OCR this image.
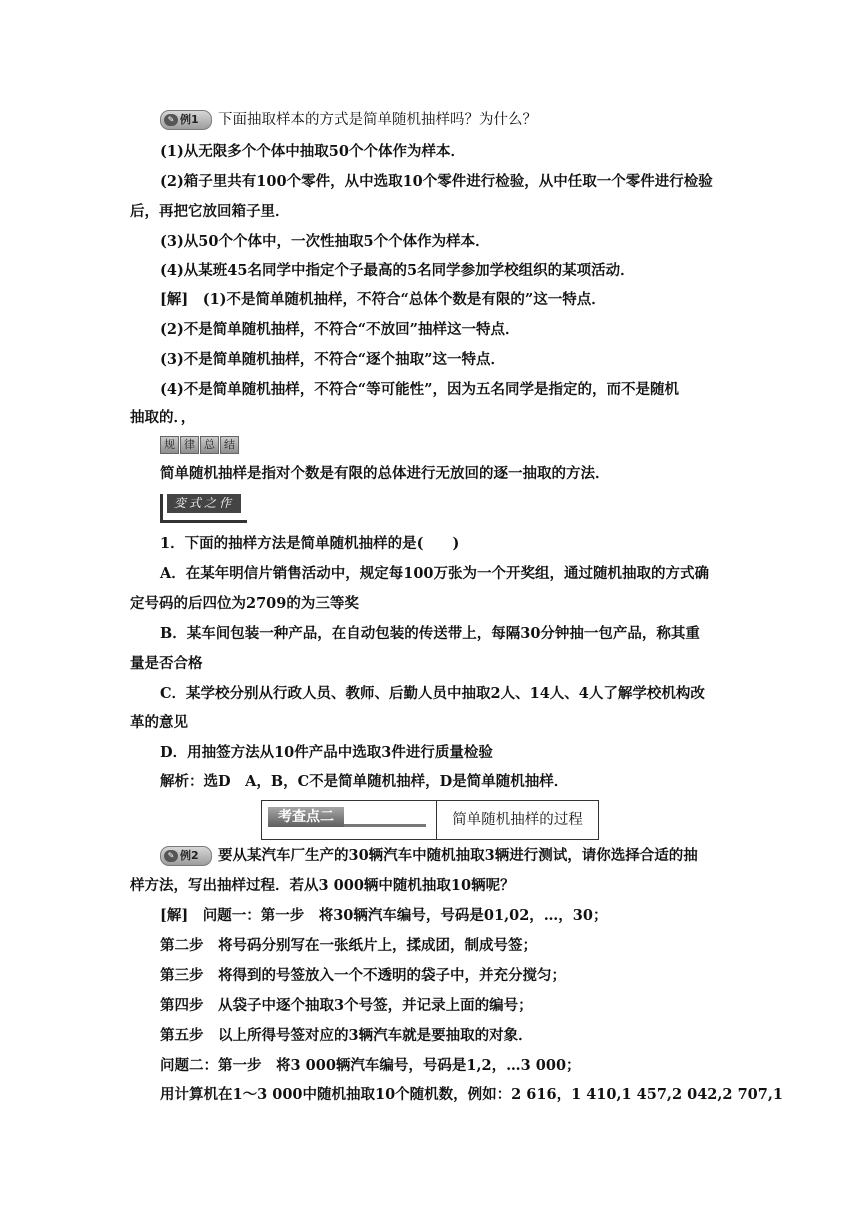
✎ 例1 下面抽取样本的方式是简单随机抽样吗？为什么？
(1)从无限多个个体中抽取50个个体作为样本．
(2)箱子里共有100个零件，从中选取10个零件进行检验，从中任取一个零件进行检验
后，再把它放回箱子里．
(3)从50个个体中，一次性抽取5个个体作为样本．
(4)从某班45名同学中指定个子最高的5名同学参加学校组织的某项活动．
[解]　(1)不是简单随机抽样，不符合“总体个数是有限的”这一特点．
(2)不是简单随机抽样，不符合“不放回”抽样这一特点．
(3)不是简单随机抽样，不符合“逐个抽取”这一特点．
(4)不是简单随机抽样，不符合“等可能性”，因为五名同学是指定的，而不是随机
抽取的．，
规 律 总 结
简单随机抽样是指对个数是有限的总体进行无放回的逐一抽取的方法．
变式之作
1．下面的抽样方法是简单随机抽样的是(　　)
A．在某年明信片销售活动中，规定每100万张为一个开奖组，通过随机抽取的方式确
定号码的后四位为2709的为三等奖
B．某车间包装一种产品，在自动包装的传送带上，每隔30分钟抽一包产品，称其重
量是否合格
C．某学校分别从行政人员、教师、后勤人员中抽取2人、14人、4人了解学校机构改
革的意见
D．用抽签方法从10件产品中选取3件进行质量检验
解析：选D　A，B，C不是简单随机抽样，D是简单随机抽样．
考查点二	简单随机抽样的过程
✎ 例2 要从某汽车厂生产的30辆汽车中随机抽取3辆进行测试，请你选择合适的抽
样方法，写出抽样过程．若从3 000辆中随机抽取10辆呢？
[解]　问题一：第一步　将30辆汽车编号，号码是01,02，…，30；
第二步　将号码分别写在一张纸片上，揉成团，制成号签；
第三步　将得到的号签放入一个不透明的袋子中，并充分搅匀；
第四步　从袋子中逐个抽取3个号签，并记录上面的编号；
第五步　以上所得号签对应的3辆汽车就是要抽取的对象．
问题二：第一步　将3 000辆汽车编号，号码是1,2，…3 000；
用计算机在1～3 000中随机抽取10个随机数，例如：2 616，1 410,1 457,2 042,2 707,1
